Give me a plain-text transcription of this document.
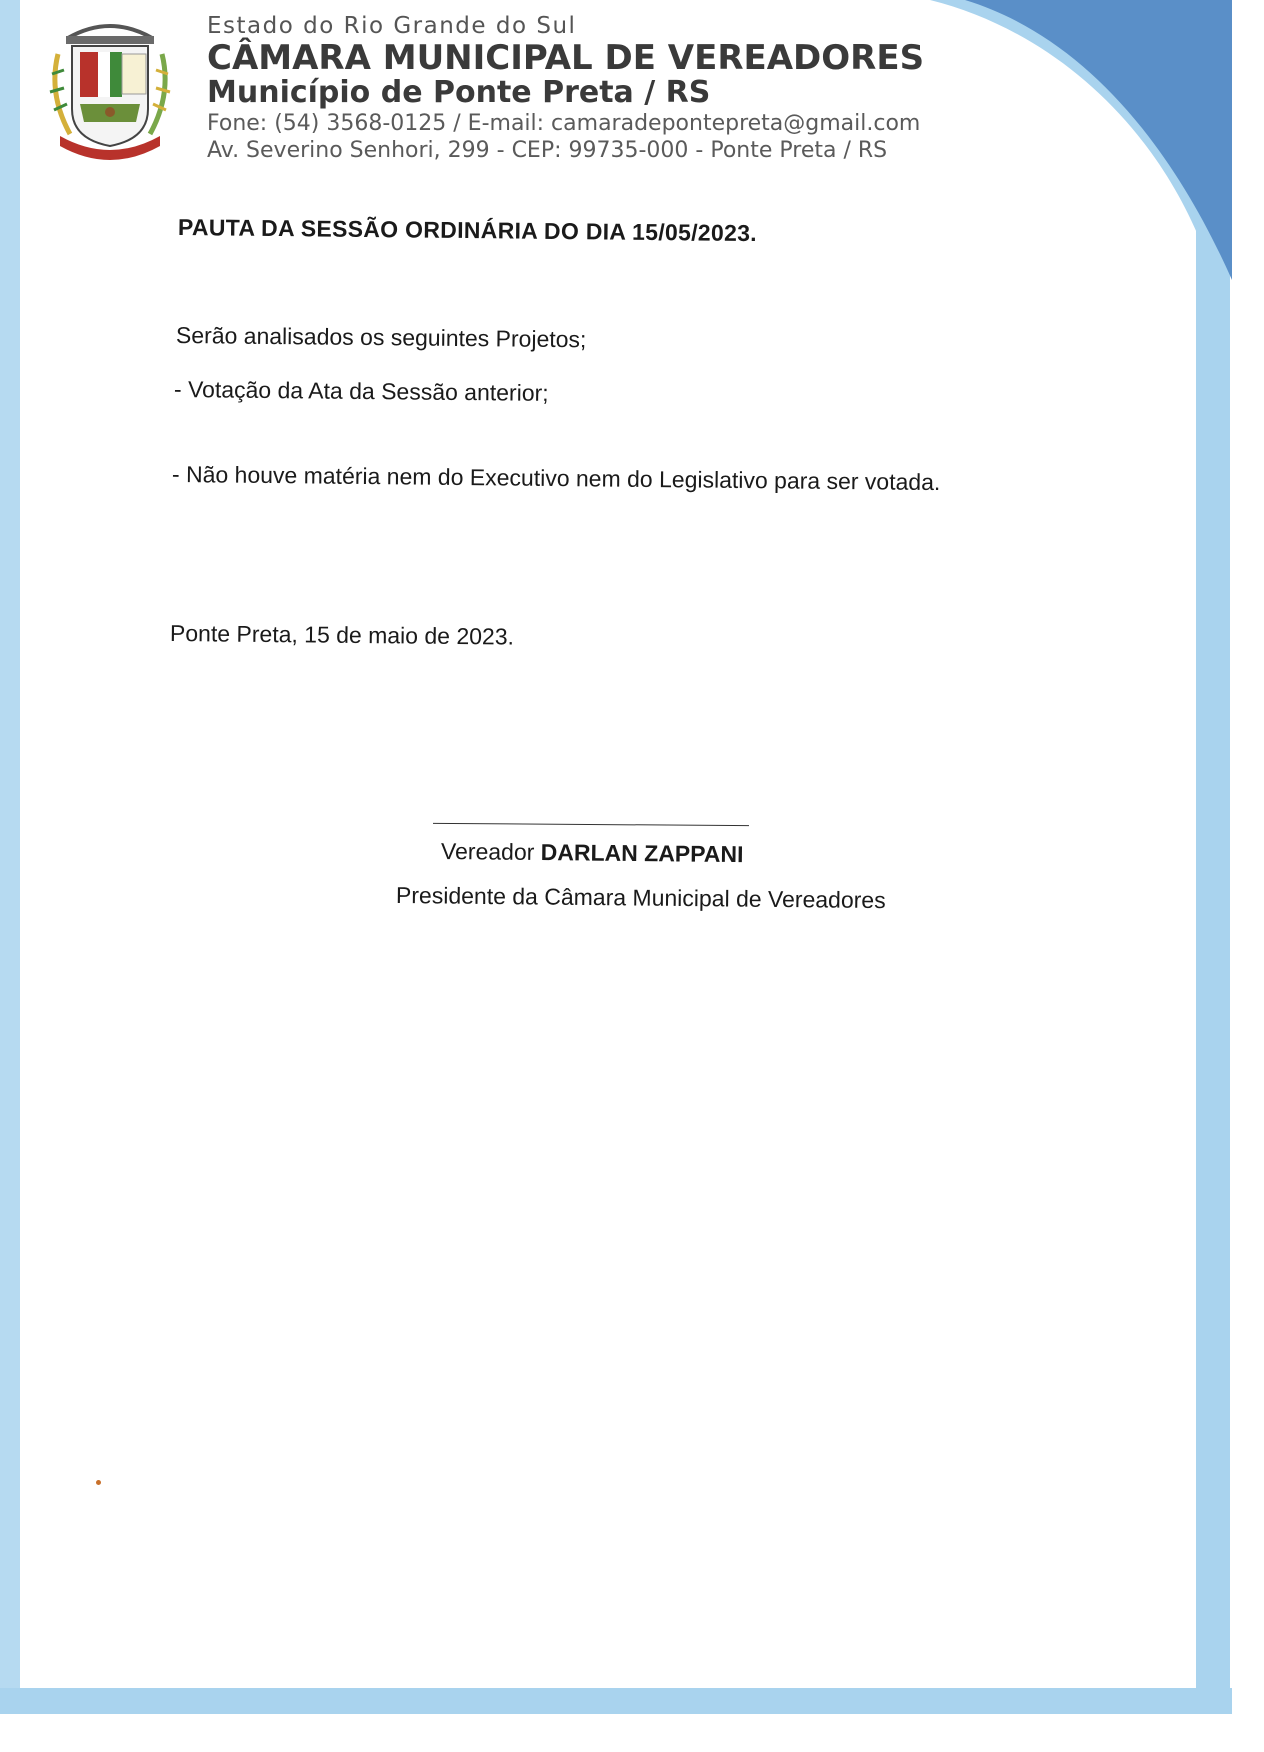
Estado do Rio Grande do Sul
CÂMARA MUNICIPAL DE VEREADORES
Município de Ponte Preta / RS
Fone: (54) 3568-0125 / E-mail: camaradepontepreta@gmail.com
Av. Severino Senhori, 299 - CEP: 99735-000 - Ponte Preta / RS
PAUTA DA SESSÃO ORDINÁRIA DO DIA 15/05/2023.
Serão analisados os seguintes Projetos;
- Votação da Ata da Sessão anterior;
- Não houve matéria nem do Executivo nem do Legislativo para ser votada.
Ponte Preta, 15 de maio de 2023.
Vereador DARLAN ZAPPANI
Presidente da Câmara Municipal de Vereadores
